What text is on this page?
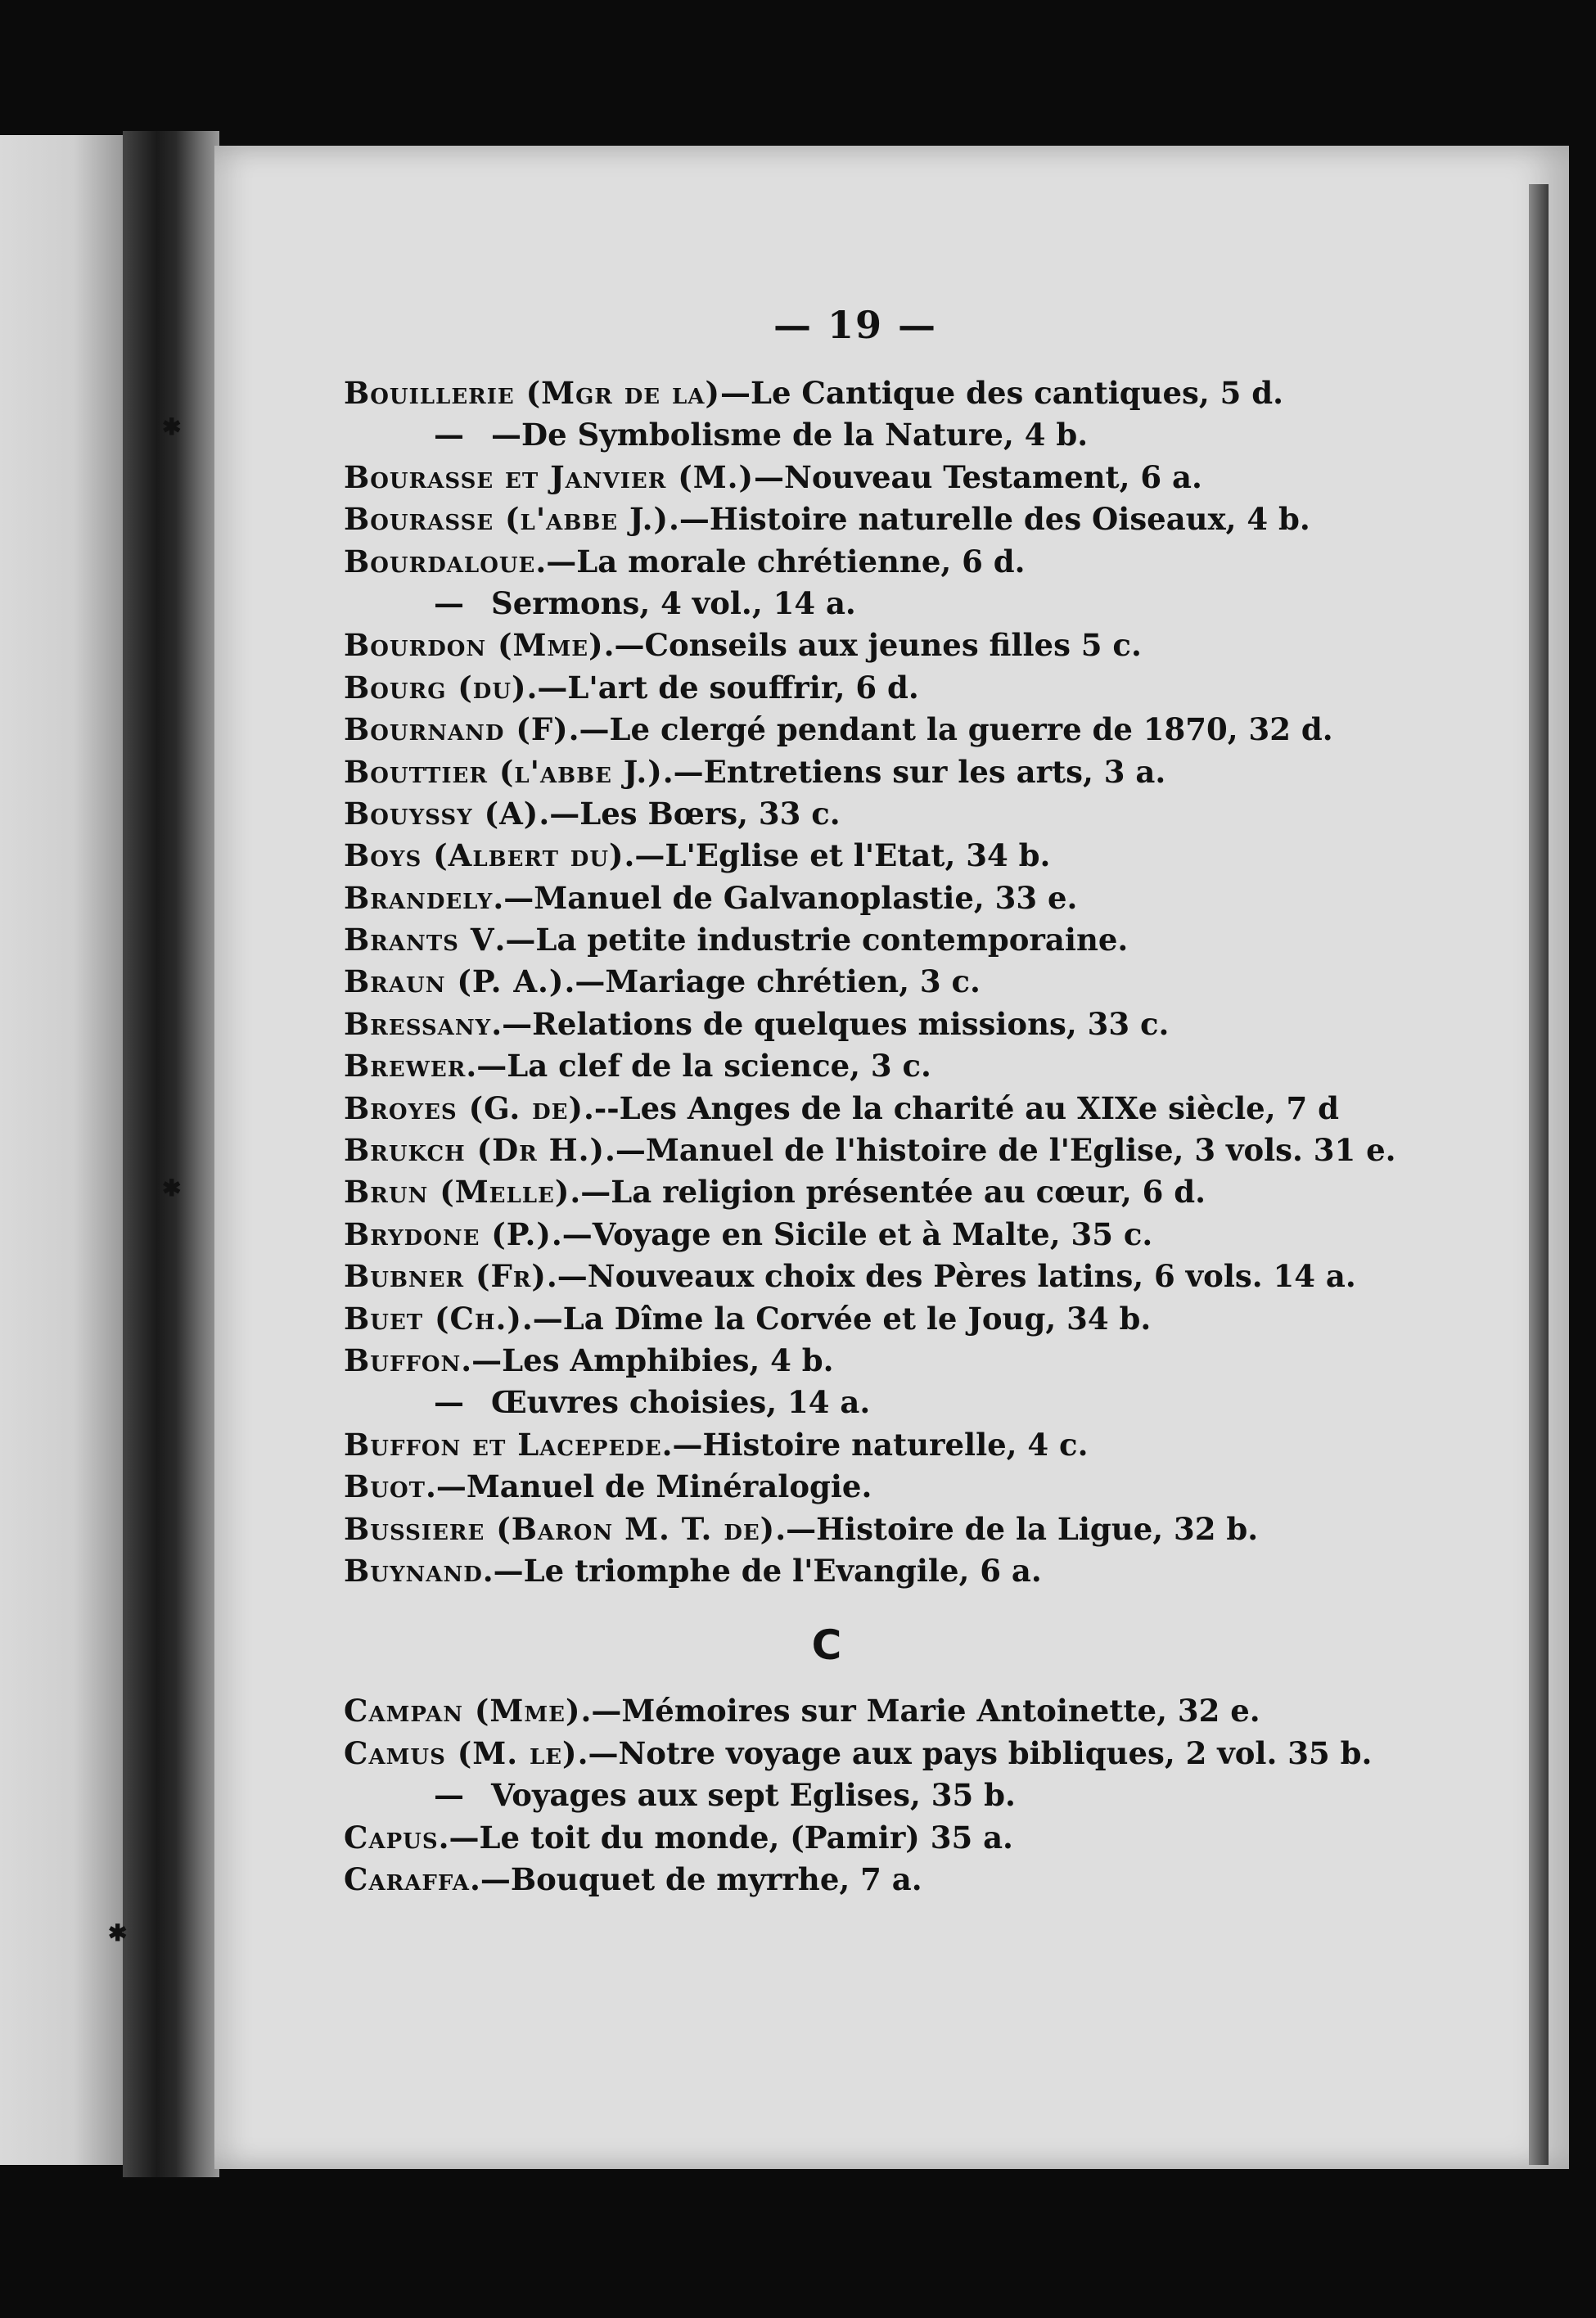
✱
✱
✱
— 19 —
Bouillerie (Mgr de la)—Le Cantique des cantiques, 5 d.
— —De Symbolisme de la Nature, 4 b.
Bourasse et Janvier (M.)—Nouveau Testament, 6 a.
Bourasse (l'abbe J.).—Histoire naturelle des Oiseaux, 4 b.
Bourdaloue.—La morale chrétienne, 6 d.
— Sermons, 4 vol., 14 a.
Bourdon (Mme).—Conseils aux jeunes filles 5 c.
Bourg (du).—L'art de souffrir, 6 d.
Bournand (F).—Le clergé pendant la guerre de 1870, 32 d.
Bouttier (l'abbe J.).—Entretiens sur les arts, 3 a.
Bouyssy (A).—Les Bœrs, 33 c.
Boys (Albert du).—L'Eglise et l'Etat, 34 b.
Brandely.—Manuel de Galvanoplastie, 33 e.
Brants V.—La petite industrie contemporaine.
Braun (P. A.).—Mariage chrétien, 3 c.
Bressany.—Relations de quelques missions, 33 c.
Brewer.—La clef de la science, 3 c.
Broyes (G. de).--Les Anges de la charité au XIXe siècle, 7 d
Brukch (Dr H.).—Manuel de l'histoire de l'Eglise, 3 vols. 31 e.
Brun (Melle).—La religion présentée au cœur, 6 d.
Brydone (P.).—Voyage en Sicile et à Malte, 35 c.
Bubner (Fr).—Nouveaux choix des Pères latins, 6 vols. 14 a.
Buet (Ch.).—La Dîme la Corvée et le Joug, 34 b.
Buffon.—Les Amphibies, 4 b.
— Œuvres choisies, 14 a.
Buffon et Lacepede.—Histoire naturelle, 4 c.
Buot.—Manuel de Minéralogie.
Bussiere (Baron M. T. de).—Histoire de la Ligue, 32 b.
Buynand.—Le triomphe de l'Evangile, 6 a.
C
Campan (Mme).—Mémoires sur Marie Antoinette, 32 e.
Camus (M. le).—Notre voyage aux pays bibliques, 2 vol. 35 b.
— Voyages aux sept Eglises, 35 b.
Capus.—Le toit du monde, (Pamir) 35 a.
Caraffa.—Bouquet de myrrhe, 7 a.
